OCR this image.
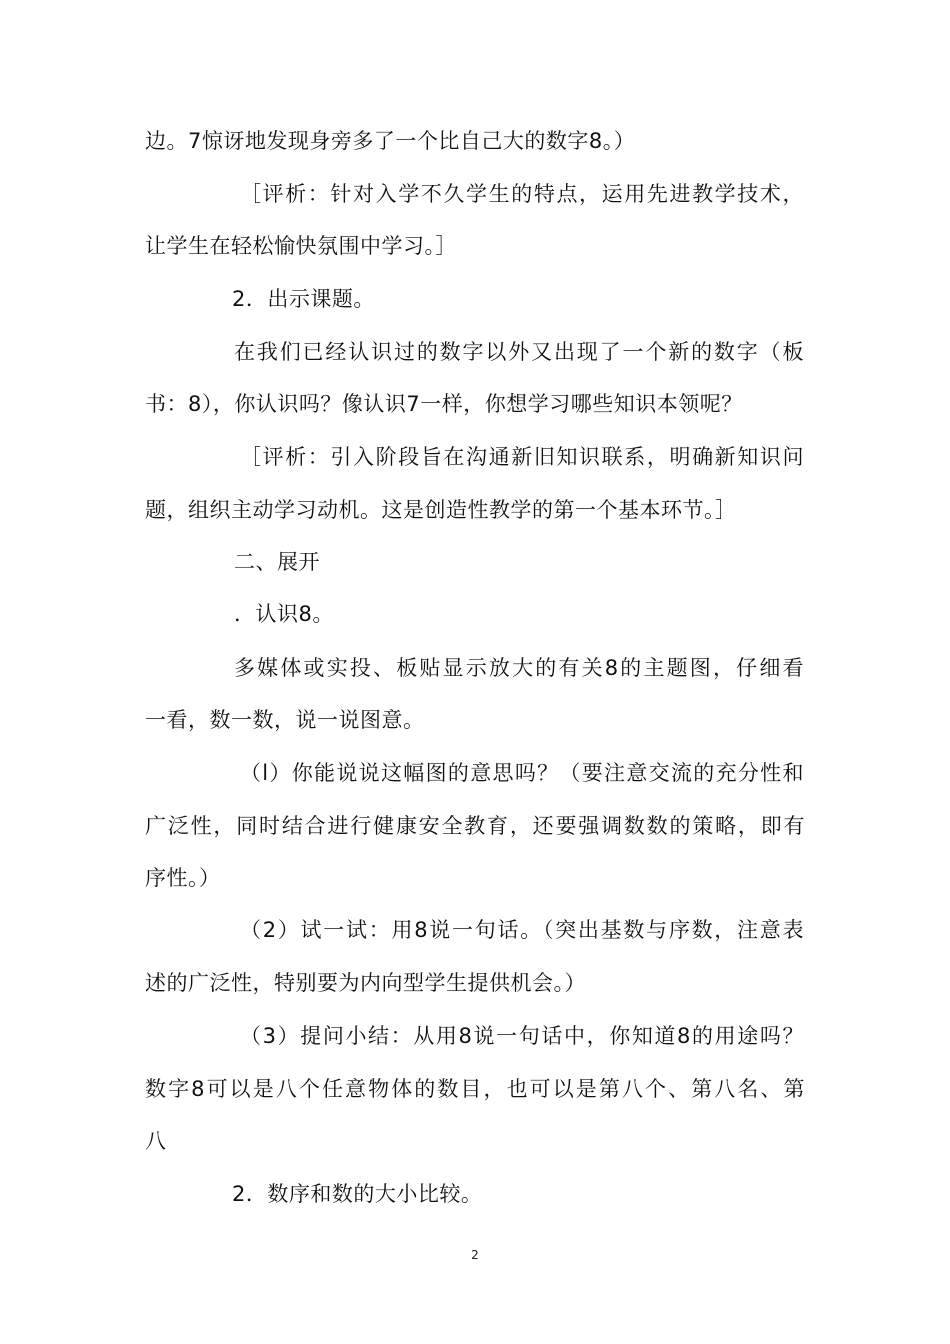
边。7惊讶地发现身旁多了一个比自己大的数字8。）

［评析：针对入学不久学生的特点，运用先进教学技术，

让学生在轻松愉快氛围中学习。］

2．出示课题。

在我们已经认识过的数字以外又出现了一个新的数字（板

书：8），你认识吗？像认识7一样，你想学习哪些知识本领呢？

［评析：引入阶段旨在沟通新旧知识联系，明确新知识问

题，组织主动学习动机。这是创造性教学的第一个基本环节。］

二、展开

．认识8。

多媒体或实投、板贴显示放大的有关8的主题图，仔细看

一看，数一数，说一说图意。

（l）你能说说这幅图的意思吗？（要注意交流的充分性和

广泛性，同时结合进行健康安全教育，还要强调数数的策略，即有

序性。）

（2）试一试：用8说一句话。（突出基数与序数，注意表

述的广泛性，特别要为内向型学生提供机会。）

（3）提问小结：从用8说一句话中，你知道8的用途吗？

数字8可以是八个任意物体的数目，也可以是第八个、第八名、第

八

2．数序和数的大小比较。

2
